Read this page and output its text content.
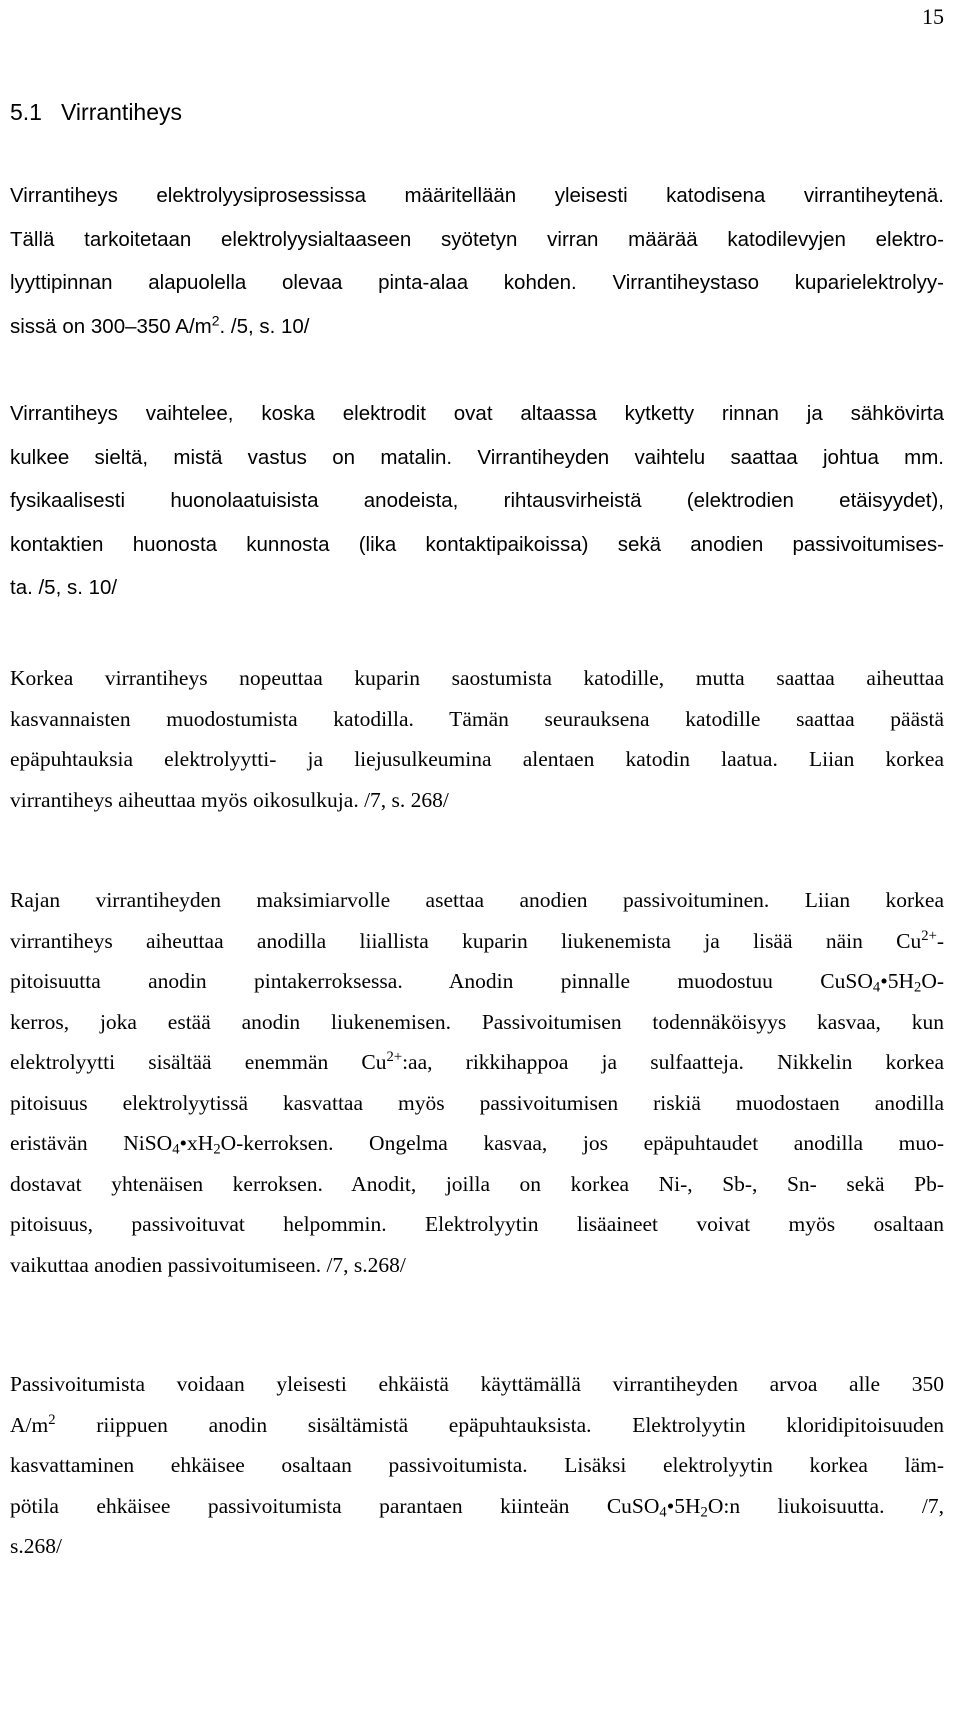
15
5.1 Virrantiheys
Virrantiheys elektrolyysiprosessissa määritellään yleisesti katodisena virrantiheytenä.
Tällä tarkoitetaan elektrolyysialtaaseen syötetyn virran määrää katodilevyjen elektro-
lyyttipinnan alapuolella olevaa pinta-alaa kohden. Virrantiheystaso kuparielektrolyy-
sissä on 300–350 $A/m^2$. /5, s. 10/
Virrantiheys vaihtelee, koska elektrodit ovat altaassa kytketty rinnan ja sähkövirta
kulkee sieltä, mistä vastus on matalin. Virrantiheyden vaihtelu saattaa johtua mm.
fysikaalisesti huonolaatuisista anodeista, rihtausvirheistä (elektrodien etäisyydet),
kontaktien huonosta kunnosta (lika kontaktipaikoissa) sekä anodien passivoitumises-
ta. /5, s. 10/
Korkea virrantiheys nopeuttaa kuparin saostumista katodille, mutta saattaa aiheuttaa
kasvannaisten muodostumista katodilla. Tämän seurauksena katodille saattaa päästä
epäpuhtauksia elektrolyytti- ja liejusulkeumina alentaen katodin laatua. Liian korkea
virrantiheys aiheuttaa myös oikosulkuja. /7, s. 268/
Rajan virrantiheyden maksimiarvolle asettaa anodien passivoituminen. Liian korkea
virrantiheys aiheuttaa anodilla liiallista kuparin liukenemista ja lisää näin $Cu^{2+}-$
pitoisuutta anodin pintakerroksessa. Anodin pinnalle muodostuu $CuSO_4•5H_2O-$
kerros, joka estää anodin liukenemisen. Passivoitumisen todennäköisyys kasvaa, kun
elektrolyytti sisältää enemmän $Cu^{2+}:aa$, rikkihappoa ja sulfaatteja. Nikkelin korkea
pitoisuus elektrolyytissä kasvattaa myös passivoitumisen riskiä muodostaen anodilla
eristävän $NiSO_4•xH_2O$-kerroksen. Ongelma kasvaa, jos epäpuhtaudet anodilla muo-
dostavat yhtenäisen kerroksen. Anodit, joilla on korkea Ni-, Sb-, Sn- sekä Pb-
pitoisuus, passivoituvat helpommin. Elektrolyytin lisäaineet voivat myös osaltaan
vaikuttaa anodien passivoitumiseen. /7, s.268/
Passivoitumista voidaan yleisesti ehkäistä käyttämällä virrantiheyden arvoa alle 350
$A/m^2$ riippuen anodin sisältämistä epäpuhtauksista. Elektrolyytin kloridipitoisuuden
kasvattaminen ehkäisee osaltaan passivoitumista. Lisäksi elektrolyytin korkea läm-
pötila ehkäisee passivoitumista parantaen kiinteän $CuSO_4•5H_2O:n$ liukoisuutta. /7,
s.268/
